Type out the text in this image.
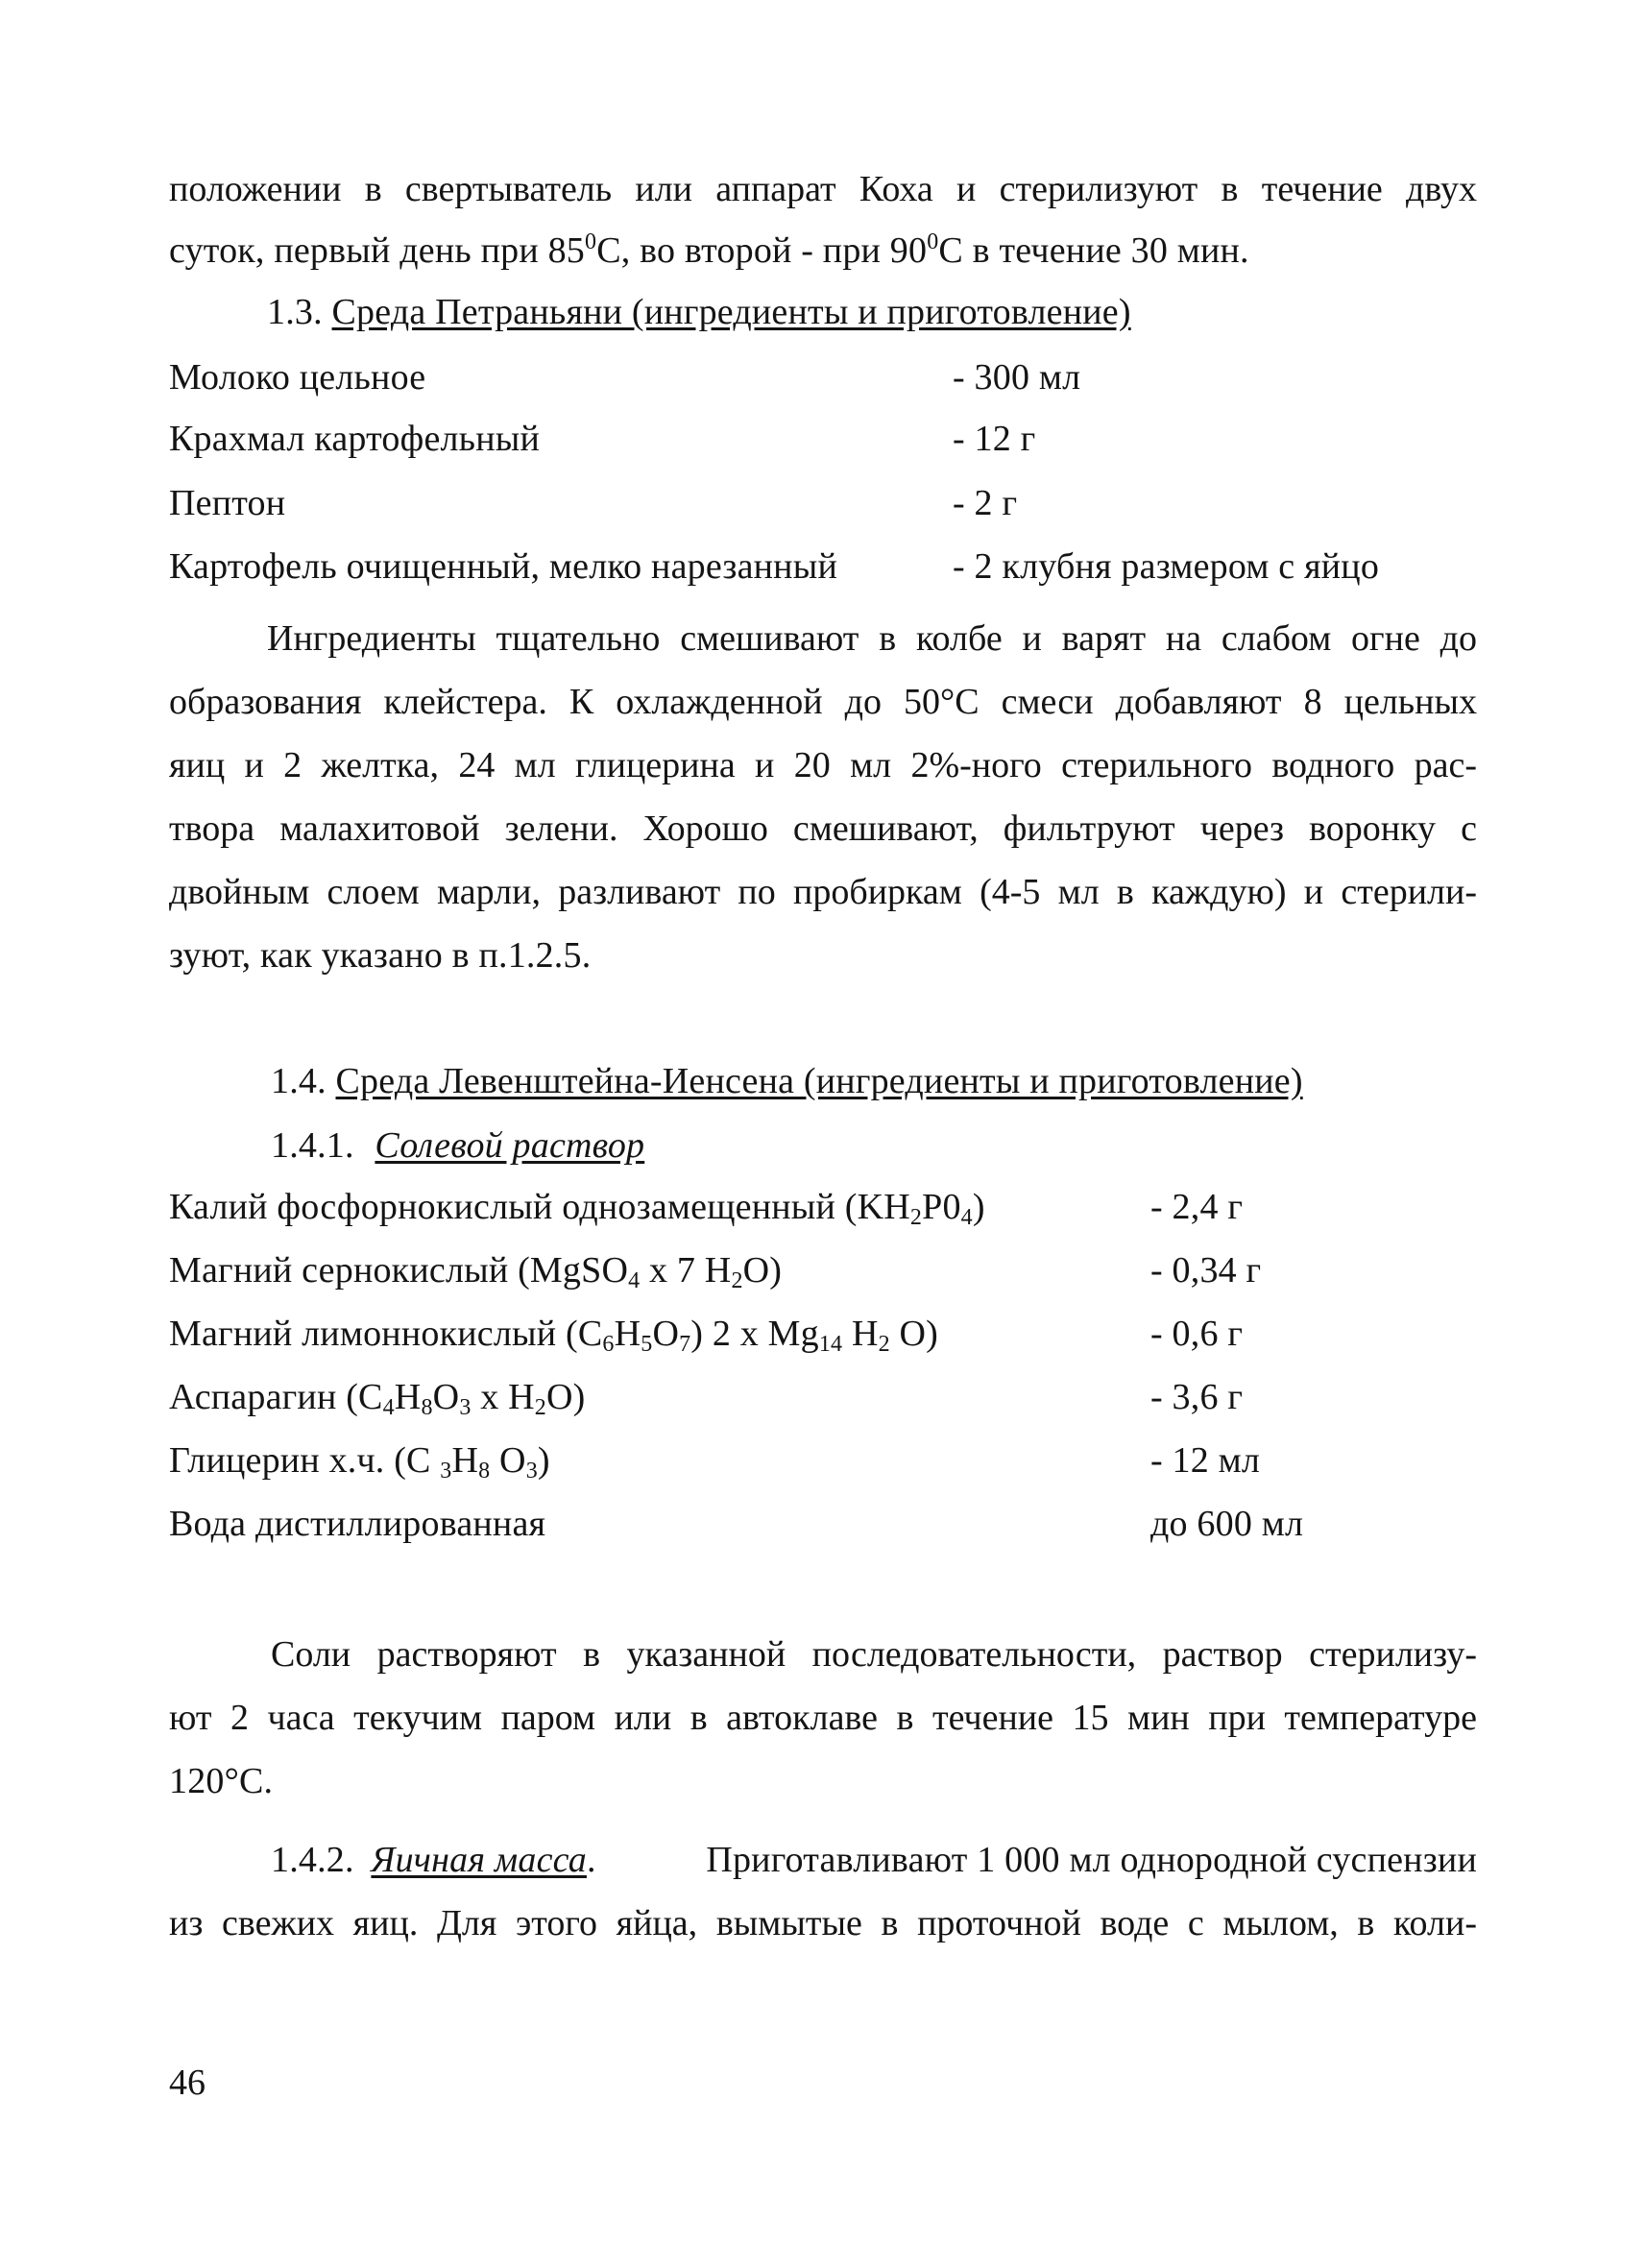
положении в свертыватель или аппарат Коха и стерилизуют в течение двух
суток, первый день при $85^0С$, во второй - при $90^0С$ в течение 30 мин.
1.3. Среда Петраньяни (ингредиенты и приготовление)
Молоко цельное	- 300 мл
Крахмал картофельный	- 12 г
Пептон	- 2 г
Картофель очищенный, мелко нарезанный	- 2 клубня размером с яйцо
Ингредиенты тщательно смешивают в колбе и варят на слабом огне до
образования клейстера. К охлажденной до 50°С смеси добавляют 8 цельных
яиц и 2 желтка, 24 мл глицерина и 20 мл 2%-ного стерильного водного рас-
твора малахитовой зелени. Хорошо смешивают, фильтруют через воронку с
двойным слоем марли, разливают по пробиркам (4-5 мл в каждую) и стерили-
зуют, как указано в п.1.2.5.
1.4. Среда Левенштейна-Иенсена (ингредиенты и приготовление)
1.4.1. Солевой раствор
Калий фосфорнокислый однозамещенный $(KH_2P0_4)$	- 2,4 г
Магний сернокислый (MgSO$_4$ x 7 $H_2O$)	- 0,34 г
Магний лимоннокислый $(C_6H_5O_7)$ 2 x $Mg_{14}$ $H_2$ O)	- 0,6 г
Аспарагин ($C_4H_8O_3$ x $H_2O$)	- 3,6 г
Глицерин х.ч. (C $_3H_8$ $O_3$)	- 12 мл
Вода дистиллированная	до 600 мл
Соли растворяют в указанной последовательности, раствор стерилизу-
ют 2 часа текучим паром или в автоклаве в течение 15 мин при температуре
120°С.
1.4.2. Яичная масса.	Приготавливают 1 000 мл однородной суспензии
из свежих яиц. Для этого яйца, вымытые в проточной воде с мылом, в коли-
46
